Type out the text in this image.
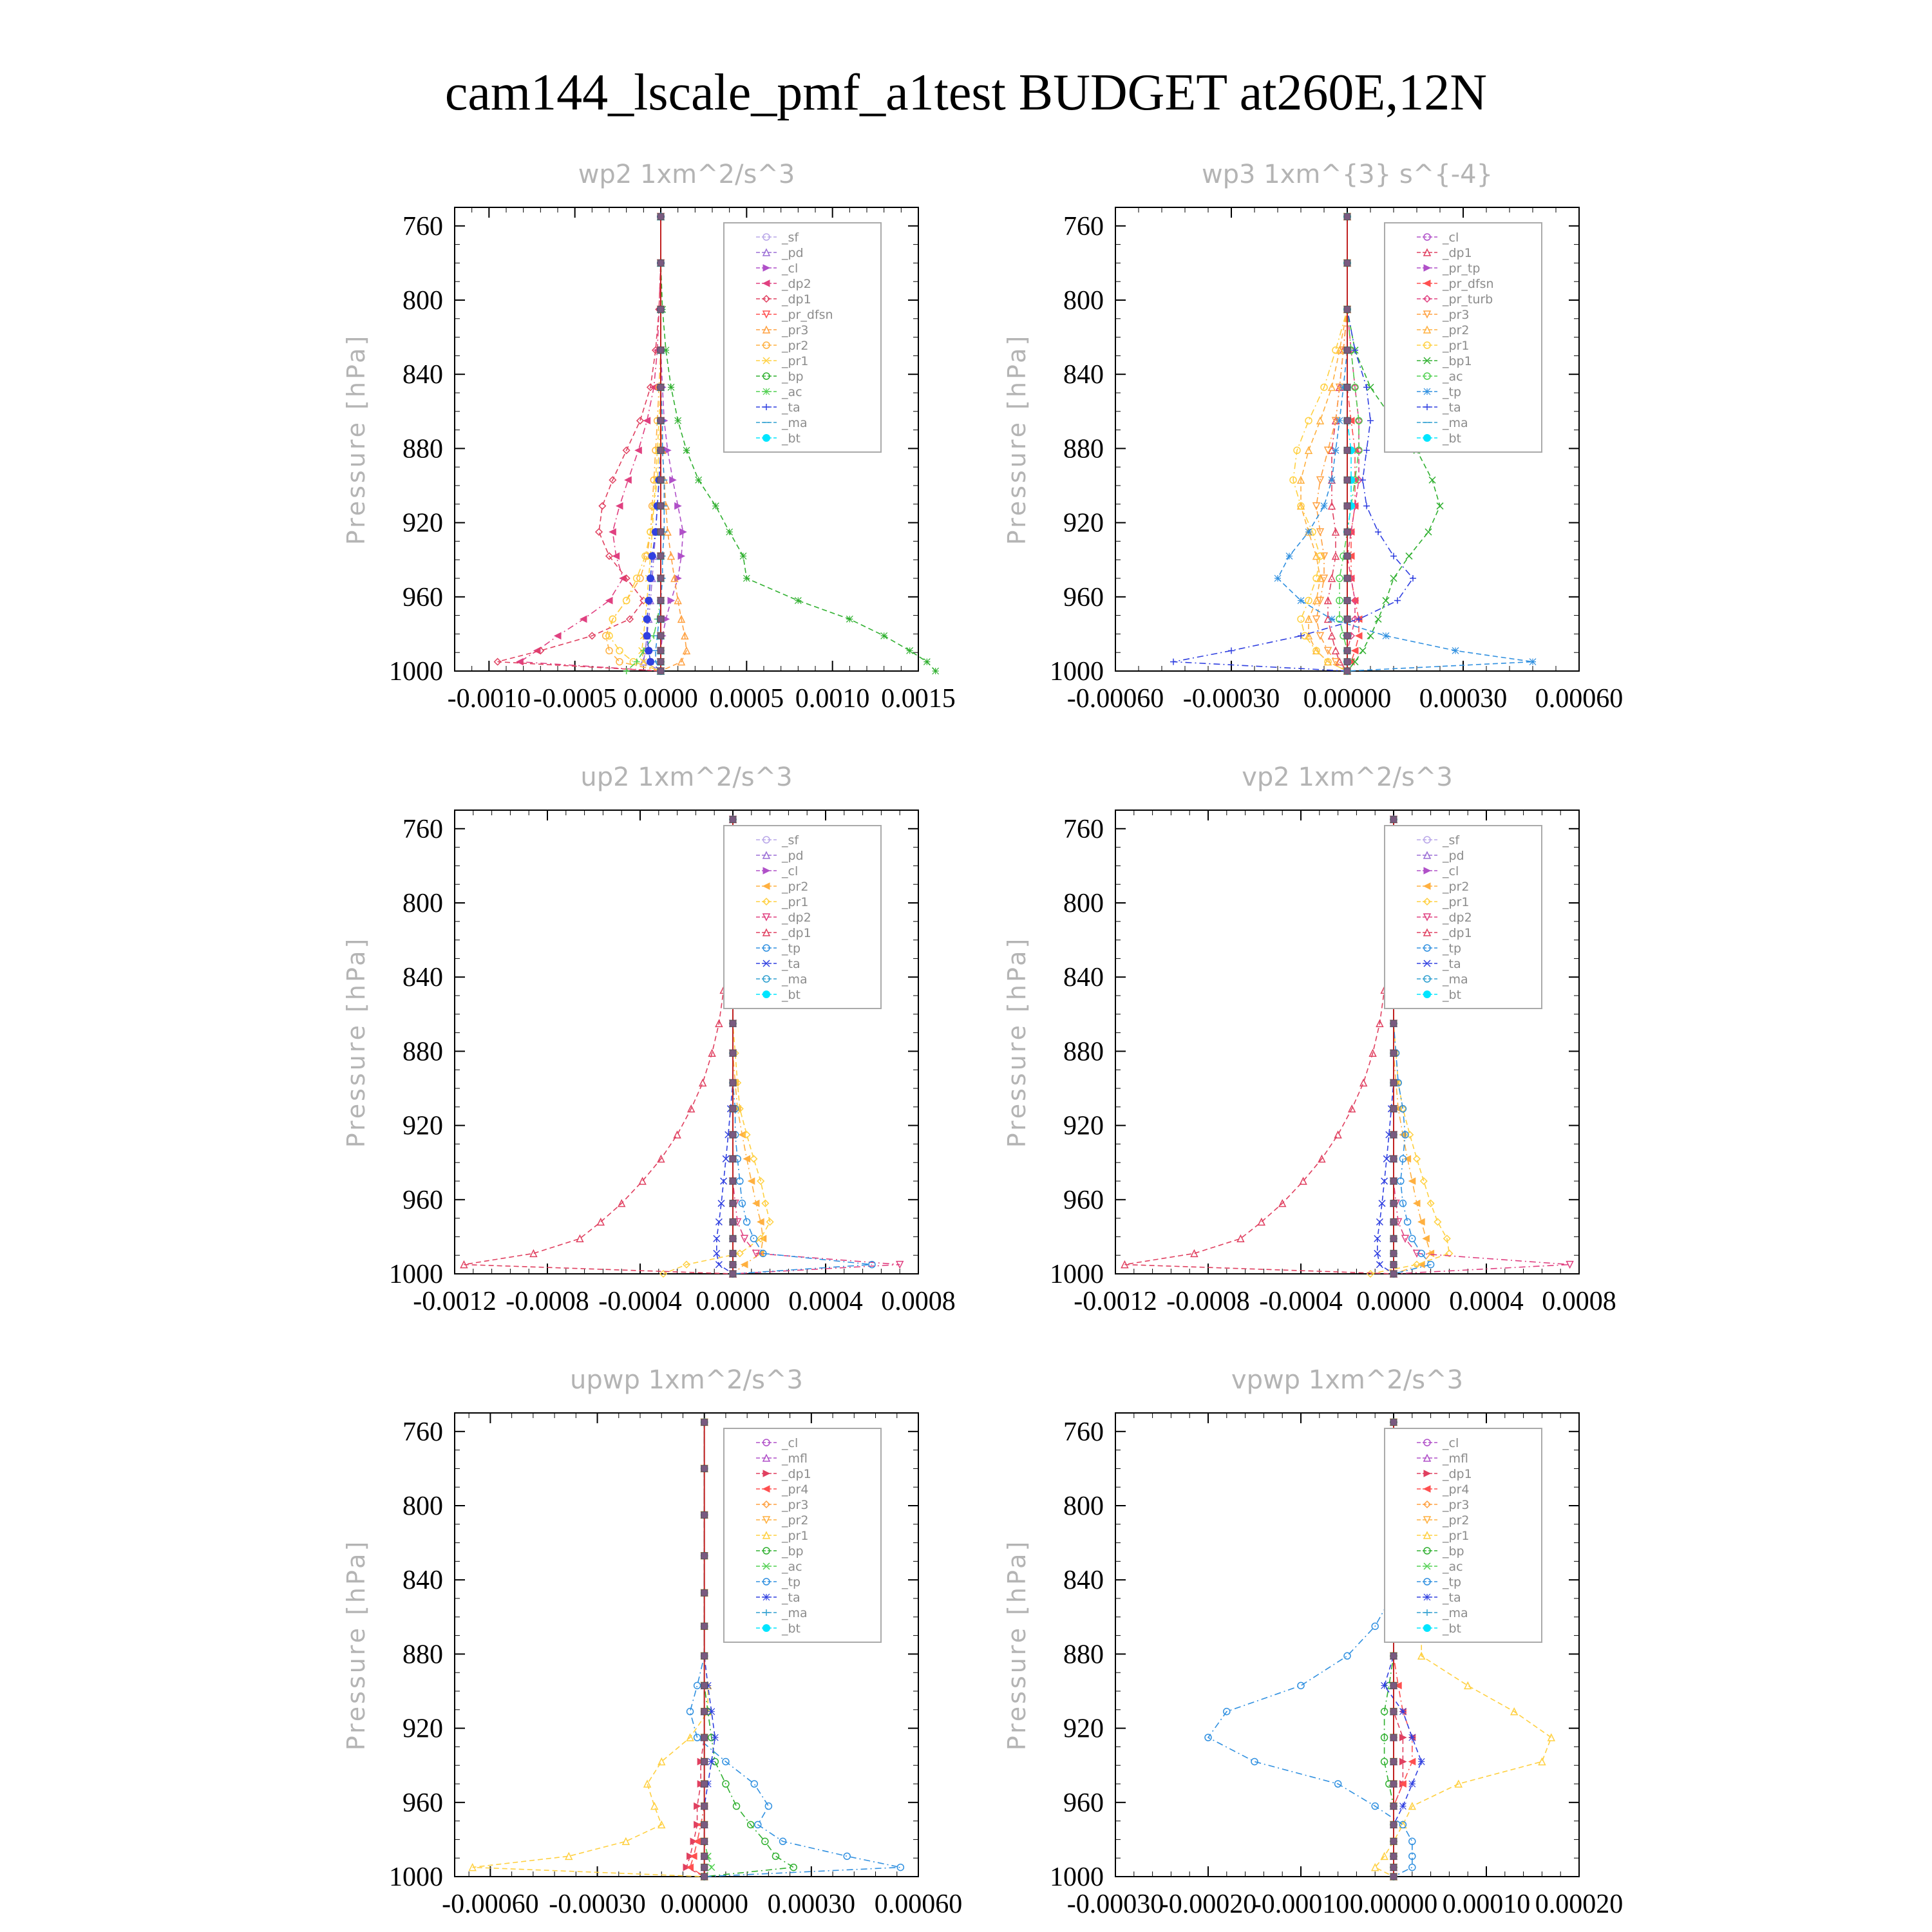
cam144_lscale_pmf_a1test BUDGET at260E,12N
wp2 1xm^2/s^3
Pressure [hPa]
760
800
840
880
920
960
1000
-0.0010 -0.0005 0.0000 0.0005 0.0010 0.0015
_sf
_pd
_cl
_dp2
_dp1
_pr_dfsn
_pr3
_pr2
_pr1
_bp
_ac
_ta
_ma
_bt
wp3 1xm^{3} s^{-4}
Pressure [hPa]
760
800
840
880
920
960
1000
-0.00060 -0.00030 0.00000 0.00030 0.00060
_cl
_dp1
_pr_tp
_pr_dfsn
_pr_turb
_pr3
_pr2
_pr1
_bp1
_ac
_tp
_ta
_ma
_bt
up2 1xm^2/s^3
Pressure [hPa]
760
800
840
880
920
960
1000
-0.0012 -0.0008 -0.0004 0.0000 0.0004 0.0008
_sf
_pd
_cl
_pr2
_pr1
_dp2
_dp1
_tp
_ta
_ma
_bt
vp2 1xm^2/s^3
Pressure [hPa]
760
800
840
880
920
960
1000
-0.0012 -0.0008 -0.0004 0.0000 0.0004 0.0008
_sf
_pd
_cl
_pr2
_pr1
_dp2
_dp1
_tp
_ta
_ma
_bt
upwp 1xm^2/s^3
Pressure [hPa]
760
800
840
880
920
960
1000
-0.00060 -0.00030 0.00000 0.00030 0.00060
_cl
_mfl
_dp1
_pr4
_pr3
_pr2
_pr1
_bp
_ac
_tp
_ta
_ma
_bt
vpwp 1xm^2/s^3
Pressure [hPa]
760
800
840
880
920
960
1000
-0.00030
-0.00020
-0.00010 0.00000 0.00010 0.00020
_cl
_mfl
_dp1
_pr4
_pr3
_pr2
_pr1
_bp
_ac
_tp
_ta
_ma
_bt
